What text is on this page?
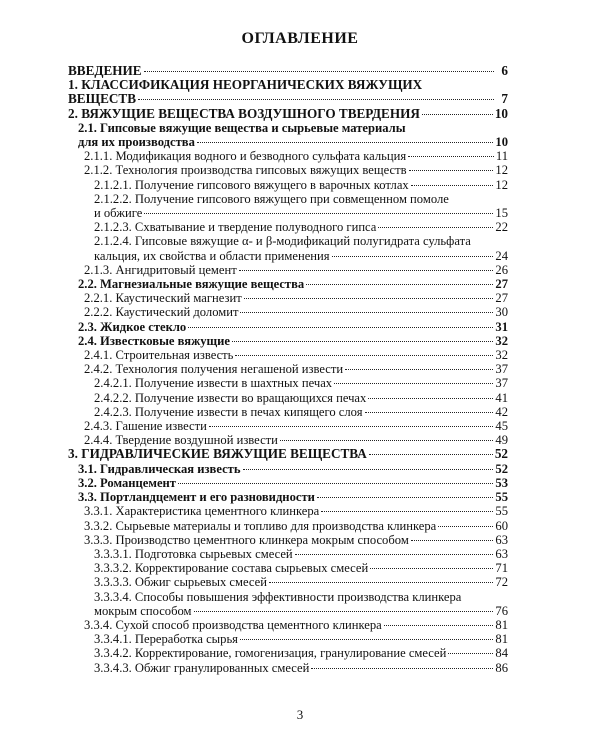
ОГЛАВЛЕНИЕ
ВВЕДЕНИЕ	6
1. КЛАССИФИКАЦИЯ НЕОРГАНИЧЕСКИХ ВЯЖУЩИХ
ВЕЩЕСТВ	7
2. ВЯЖУЩИЕ ВЕЩЕСТВА ВОЗДУШНОГО ТВЕРДЕНИЯ	10
2.1. Гипсовые вяжущие вещества и сырьевые материалы
для их производства	10
2.1.1. Модификация водного и безводного сульфата кальция	11
2.1.2. Технология производства гипсовых вяжущих веществ	12
2.1.2.1. Получение гипсового вяжущего в варочных котлах	12
2.1.2.2. Получение гипсового вяжущего при совмещенном помоле
и обжиге	15
2.1.2.3. Схватывание и твердение полуводного гипса	22
2.1.2.4. Гипсовые вяжущие α- и β-модификаций полугидрата сульфата
кальция, их свойства и области применения	24
2.1.3. Ангидритовый цемент	26
2.2. Магнезиальные вяжущие вещества	27
2.2.1. Каустический магнезит	27
2.2.2. Каустический доломит	30
2.3. Жидкое стекло	31
2.4. Известковые вяжущие	32
2.4.1. Строительная известь	32
2.4.2. Технология получения негашеной извести	37
2.4.2.1. Получение извести в шахтных печах	37
2.4.2.2. Получение извести во вращающихся печах	41
2.4.2.3. Получение извести в печах кипящего слоя	42
2.4.3. Гашение извести	45
2.4.4. Твердение воздушной извести	49
3. ГИДРАВЛИЧЕСКИЕ ВЯЖУЩИЕ ВЕЩЕСТВА	52
3.1. Гидравлическая известь	52
3.2. Романцемент	53
3.3. Портландцемент и его разновидности	55
3.3.1. Характеристика цементного клинкера	55
3.3.2. Сырьевые материалы и топливо для производства клинкера	60
3.3.3. Производство цементного клинкера мокрым способом	63
3.3.3.1. Подготовка сырьевых смесей	63
3.3.3.2. Корректирование состава сырьевых смесей	71
3.3.3.3. Обжиг сырьевых смесей	72
3.3.3.4. Способы повышения эффективности производства клинкера
мокрым способом	76
3.3.4. Сухой способ производства цементного клинкера	81
3.3.4.1. Переработка сырья	81
3.3.4.2. Корректирование, гомогенизация, гранулирование смесей	84
3.3.4.3. Обжиг гранулированных смесей	86
3
